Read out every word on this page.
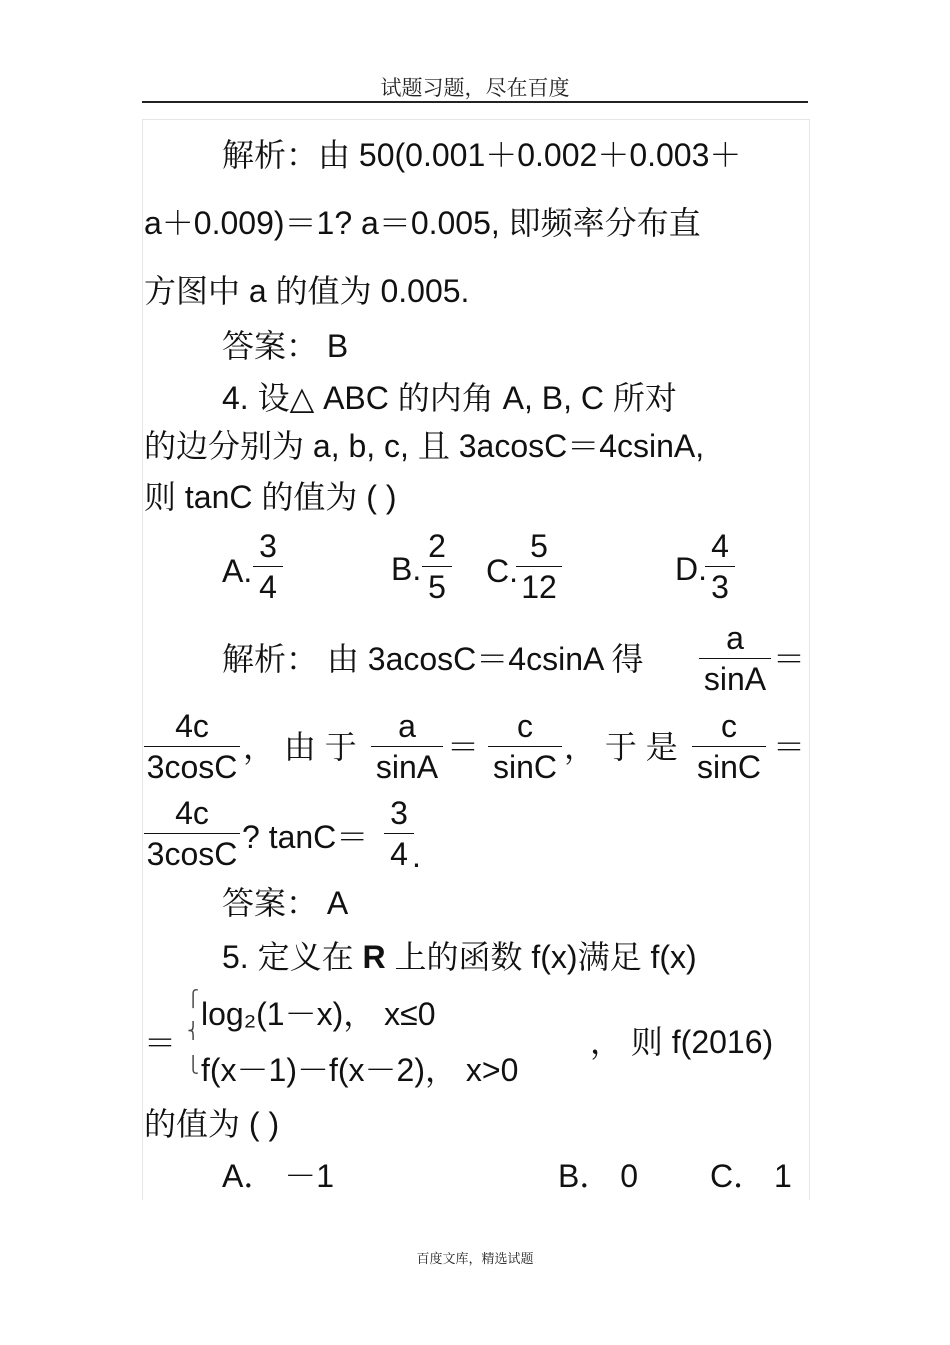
试题习题，尽在百度
解析：由 50(0.001＋0.002＋0.003＋
a＋0.009)＝1? a＝0.005, 即频率分布直
方图中 a 的值为 0.005.
答案： B
4. 设△ ABC 的内角 A, B, C 所对
的边分别为 a, b, c, 且 3acosC＝4csinA,
则 tanC 的值为 ( )
A.
3
4	B.
2
5 C.
5
12	D.
4
3
解析： 由 3acosC＝4csinA 得
a
sinA
＝
4c
3cosC
， 由 于
a
sinA
＝
c
sinC
， 于 是
c
sinC
＝
4c
3cosC ? tanC＝
3
4 .
答案： A
5. 定义在 R 上的函数 f(x)满足 f(x)
＝
⎧
⎨
⎩
log₂(1－x)， x≤0
f(x－1)－f(x－2)， x>0
， 则 f(2016)
的值为 ( )
A． －1	B． 0 C． 1
百度文库，精选试题
